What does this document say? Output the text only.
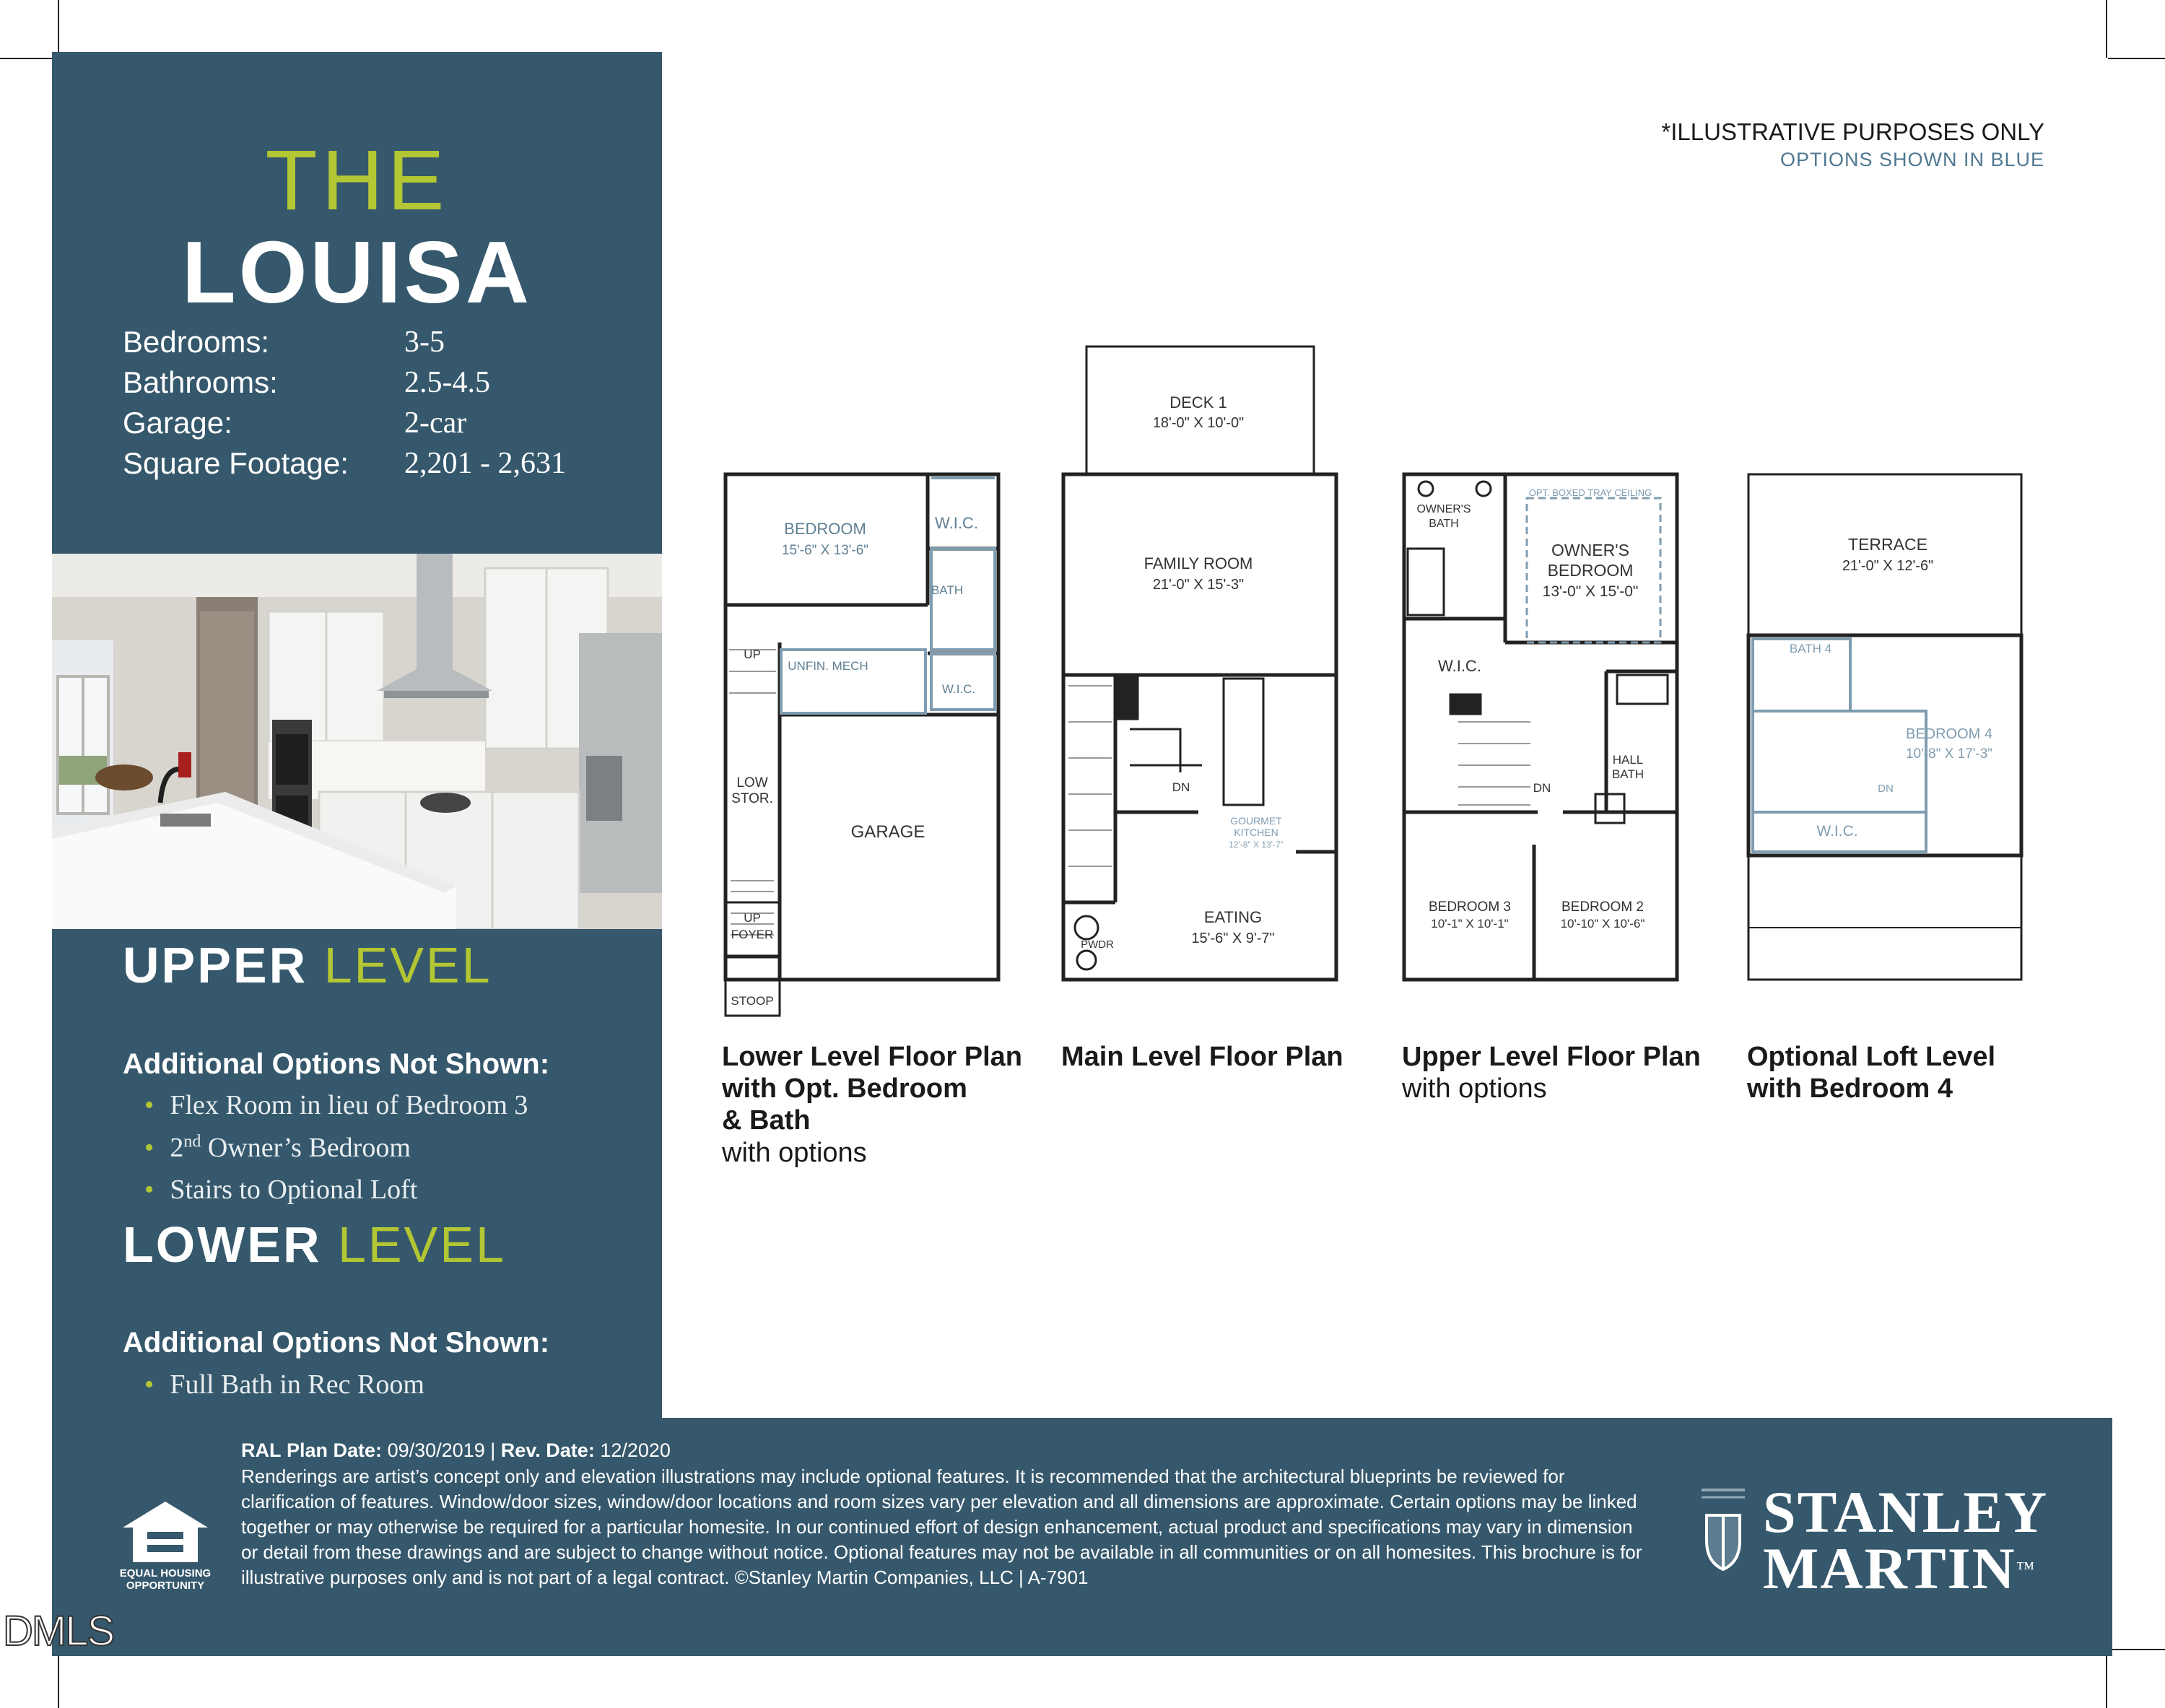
THE
LOUISA
Bedrooms:	3-5
Bathrooms:	2.5-4.5
Garage:	2-car
Square Footage: 2,201 - 2,631
UPPER LEVEL
Additional Options Not Shown:
• Flex Room in lieu of Bedroom 3
• 2nd Owner’s Bedroom
• Stairs to Optional Loft
LOWER LEVEL
Additional Options Not Shown:
• Full Bath in Rec Room
*ILLUSTRATIVE PURPOSES ONLY
OPTIONS SHOWN IN BLUE
BEDROOM
15'-6" X 13'-6"
W.I.C.
BATH
UP
UNFIN. MECH
W.I.C.
LOW
STOR.
GARAGE
UP
FOYER
STOOP
DECK 1
18'-0" X 10'-0"
FAMILY ROOM
21'-0" X 15'-3"
DN
GOURMET
KITCHEN
12'-8" X 13'-7"
EATING
15'-6" X 9'-7"
PWDR
OWNER'S
BATH
OPT. BOXED TRAY CEILING
OWNER'S
BEDROOM
13'-0" X 15'-0"
W.I.C.
DN
HALL
BATH
BEDROOM 3
10'-1" X 10'-1"
BEDROOM 2
10'-10" X 10'-6"
TERRACE
21'-0" X 12'-6"
BATH 4
BEDROOM 4
10'-8" X 17'-3"
DN
W.I.C.
Lower Level Floor Plan
with Opt. Bedroom
& Bath
with options
Main Level Floor Plan Upper Level Floor Plan
with options
Optional Loft Level
with Bedroom 4
RAL Plan Date: 09/30/2019 | Rev. Date: 12/2020
Renderings are artist’s concept only and elevation illustrations may include optional features. It is recommended that the architectural blueprints be reviewed for
clarification of features. Window/door sizes, window/door locations and room sizes vary per elevation and all dimensions are approximate. Certain options may be linked
together or may otherwise be required for a particular homesite. In our continued effort of design enhancement, actual product and specifications may vary in dimension
or detail from these drawings and are subject to change without notice. Optional features may not be available in all communities or on all homesites. This brochure is for
illustrative purposes only and is not part of a legal contract. ©Stanley Martin Companies, LLC | A-7901
EQUAL HOUSING
OPPORTUNITY
STANLEY
MARTIN™
DMLS
